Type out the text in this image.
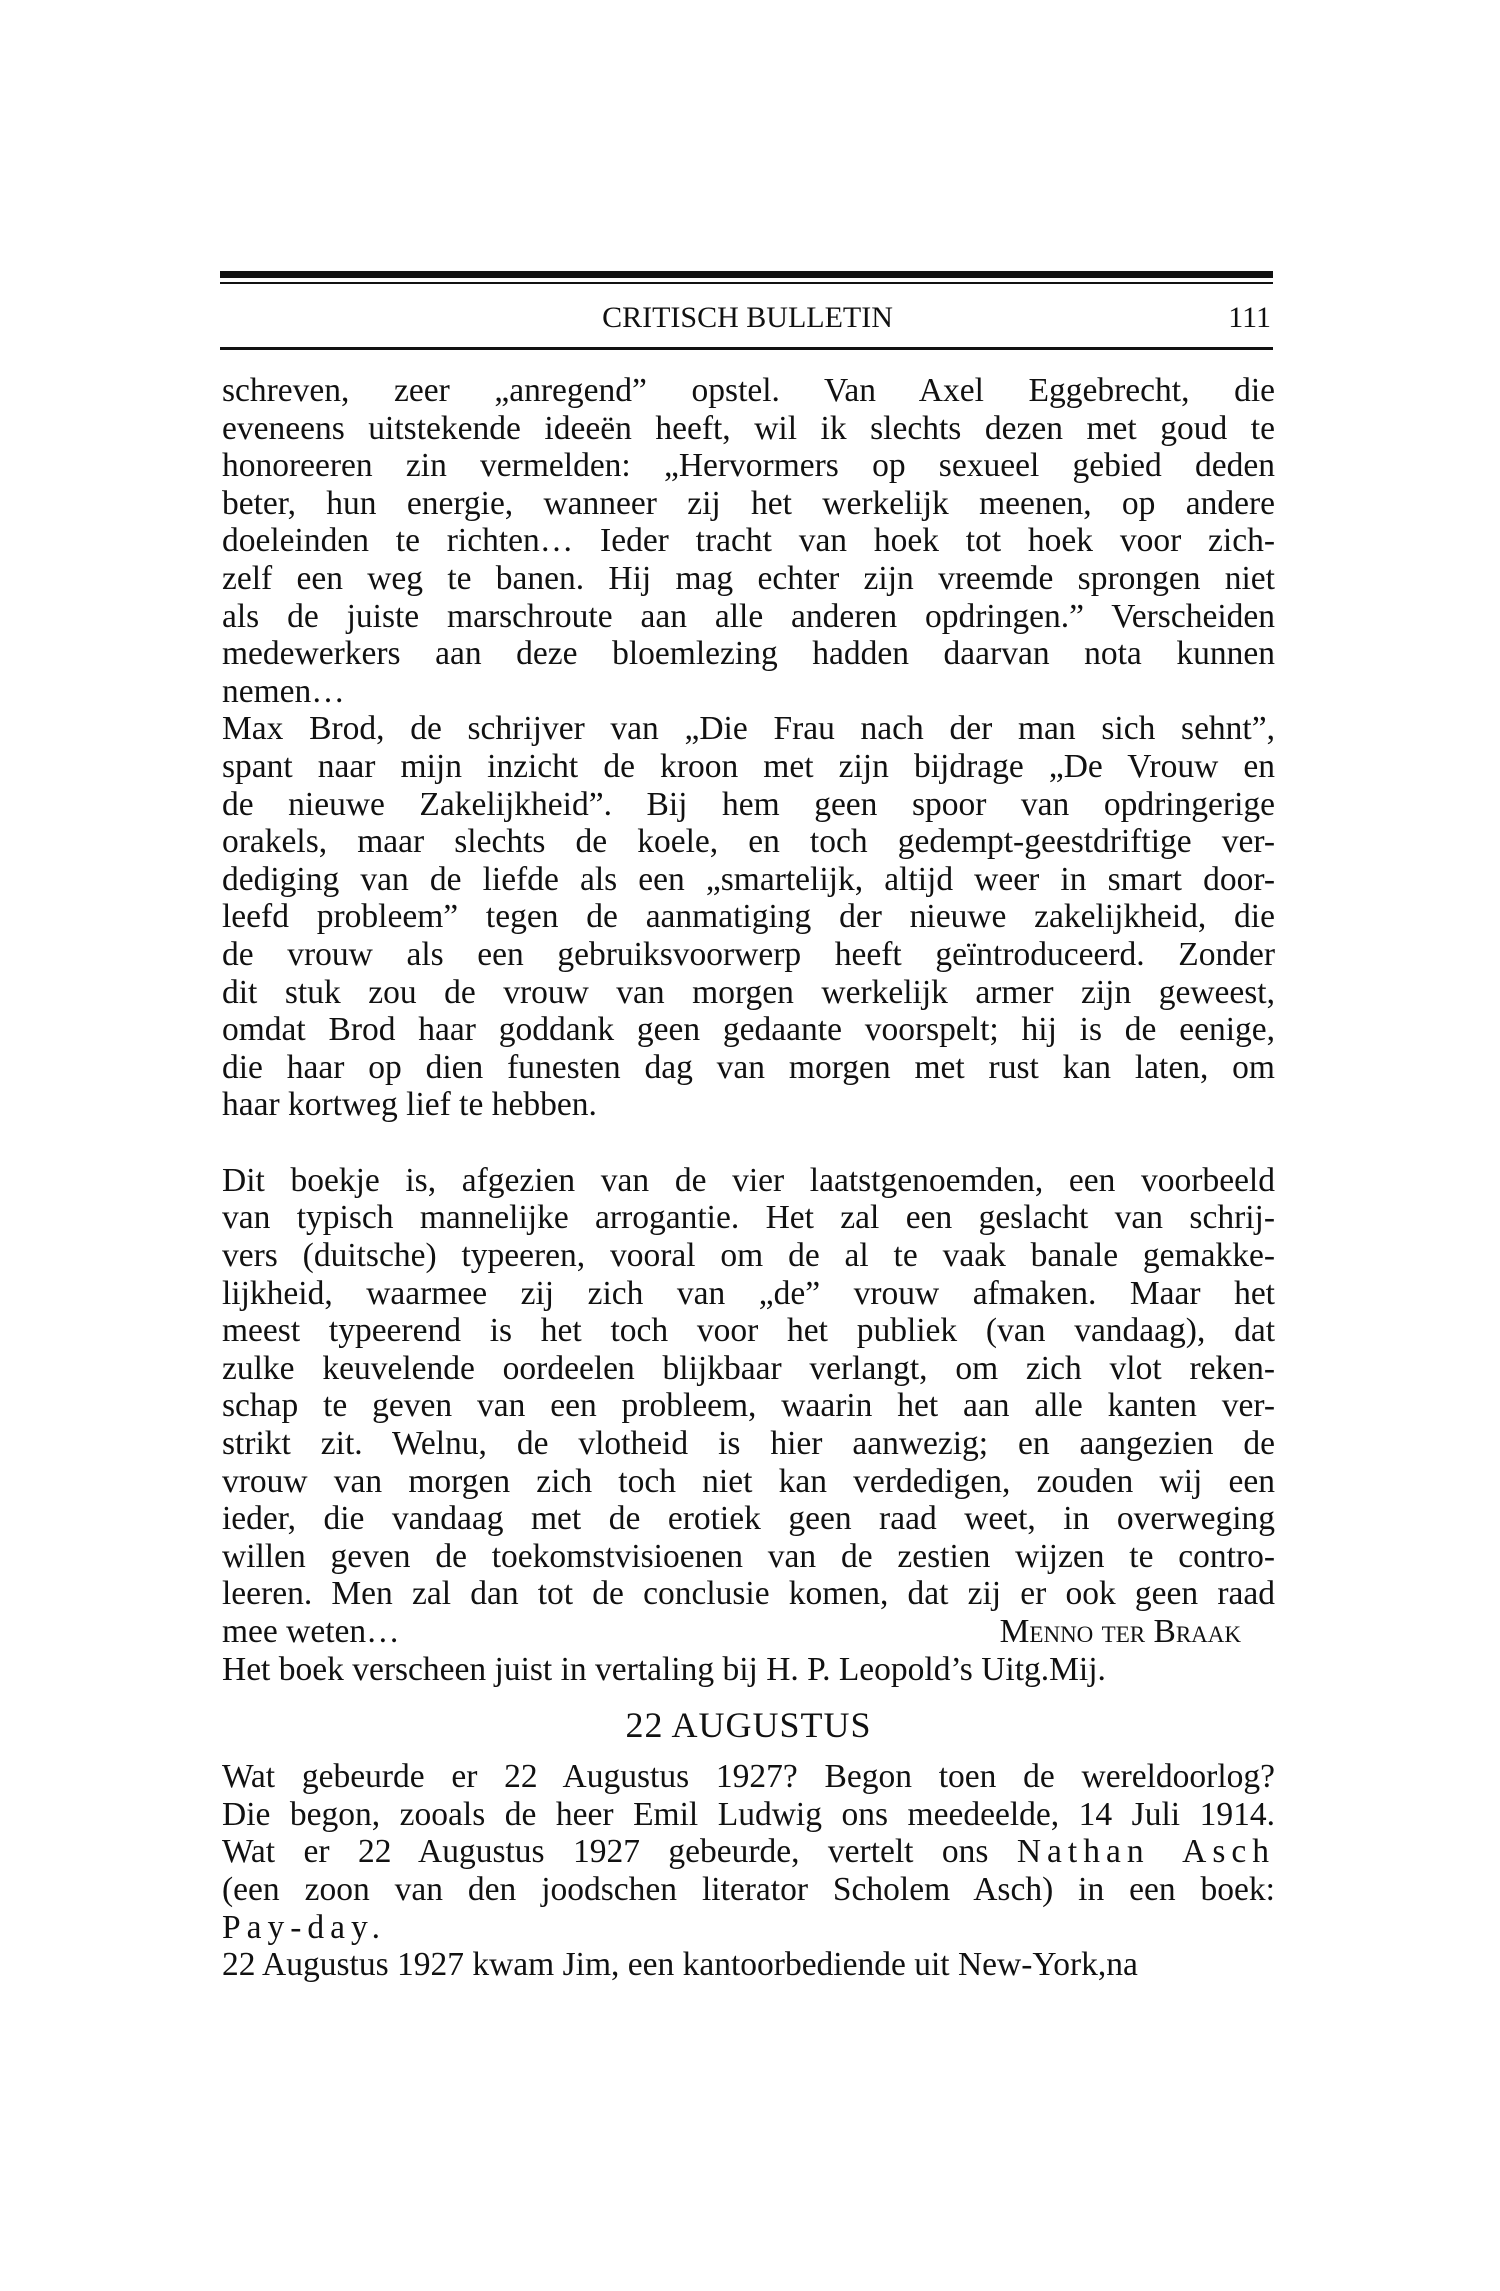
CRITISCH BULLETIN	111
schreven, zeer „anregend” opstel. Van Axel Eggebrecht, die
eveneens uitstekende ideeën heeft, wil ik slechts dezen met goud te
honoreeren zin vermelden: „Hervormers op sexueel gebied deden
beter, hun energie, wanneer zij het werkelijk meenen, op andere
doeleinden te richten… Ieder tracht van hoek tot hoek voor zich-
zelf een weg te banen. Hij mag echter zijn vreemde sprongen niet
als de juiste marschroute aan alle anderen opdringen.” Verscheiden
medewerkers aan deze bloemlezing hadden daarvan nota kunnen
nemen…
Max Brod, de schrijver van „Die Frau nach der man sich sehnt”,
spant naar mijn inzicht de kroon met zijn bijdrage „De Vrouw en
de nieuwe Zakelijkheid”. Bij hem geen spoor van opdringerige
orakels, maar slechts de koele, en toch gedempt-geestdriftige ver-
dediging van de liefde als een „smartelijk, altijd weer in smart door-
leefd probleem” tegen de aanmatiging der nieuwe zakelijkheid, die
de vrouw als een gebruiksvoorwerp heeft geïntroduceerd. Zonder
dit stuk zou de vrouw van morgen werkelijk armer zijn geweest,
omdat Brod haar goddank geen gedaante voorspelt; hij is de eenige,
die haar op dien funesten dag van morgen met rust kan laten, om
haar kortweg lief te hebben.
Dit boekje is, afgezien van de vier laatstgenoemden, een voorbeeld
van typisch mannelijke arrogantie. Het zal een geslacht van schrij-
vers (duitsche) typeeren, vooral om de al te vaak banale gemakke-
lijkheid, waarmee zij zich van „de” vrouw afmaken. Maar het
meest typeerend is het toch voor het publiek (van vandaag), dat
zulke keuvelende oordeelen blijkbaar verlangt, om zich vlot reken-
schap te geven van een probleem, waarin het aan alle kanten ver-
strikt zit. Welnu, de vlotheid is hier aanwezig; en aangezien de
vrouw van morgen zich toch niet kan verdedigen, zouden wij een
ieder, die vandaag met de erotiek geen raad weet, in overweging
willen geven de toekomstvisioenen van de zestien wijzen te contro-
leeren. Men zal dan tot de conclusie komen, dat zij er ook geen raad
mee weten…	Menno ter Braak
Het boek verscheen juist in vertaling bij H. P. Leopold’s Uitg.Mij.
22 AUGUSTUS
Wat gebeurde er 22 Augustus 1927? Begon toen de wereldoorlog?
Die begon, zooals de heer Emil Ludwig ons meedeelde, 14 Juli 1914.
Wat er 22 Augustus 1927 gebeurde, vertelt ons Nathan Asch
(een zoon van den joodschen literator Scholem Asch) in een boek:
Pay-day.
22 Augustus 1927 kwam Jim, een kantoorbediende uit New-York,na
